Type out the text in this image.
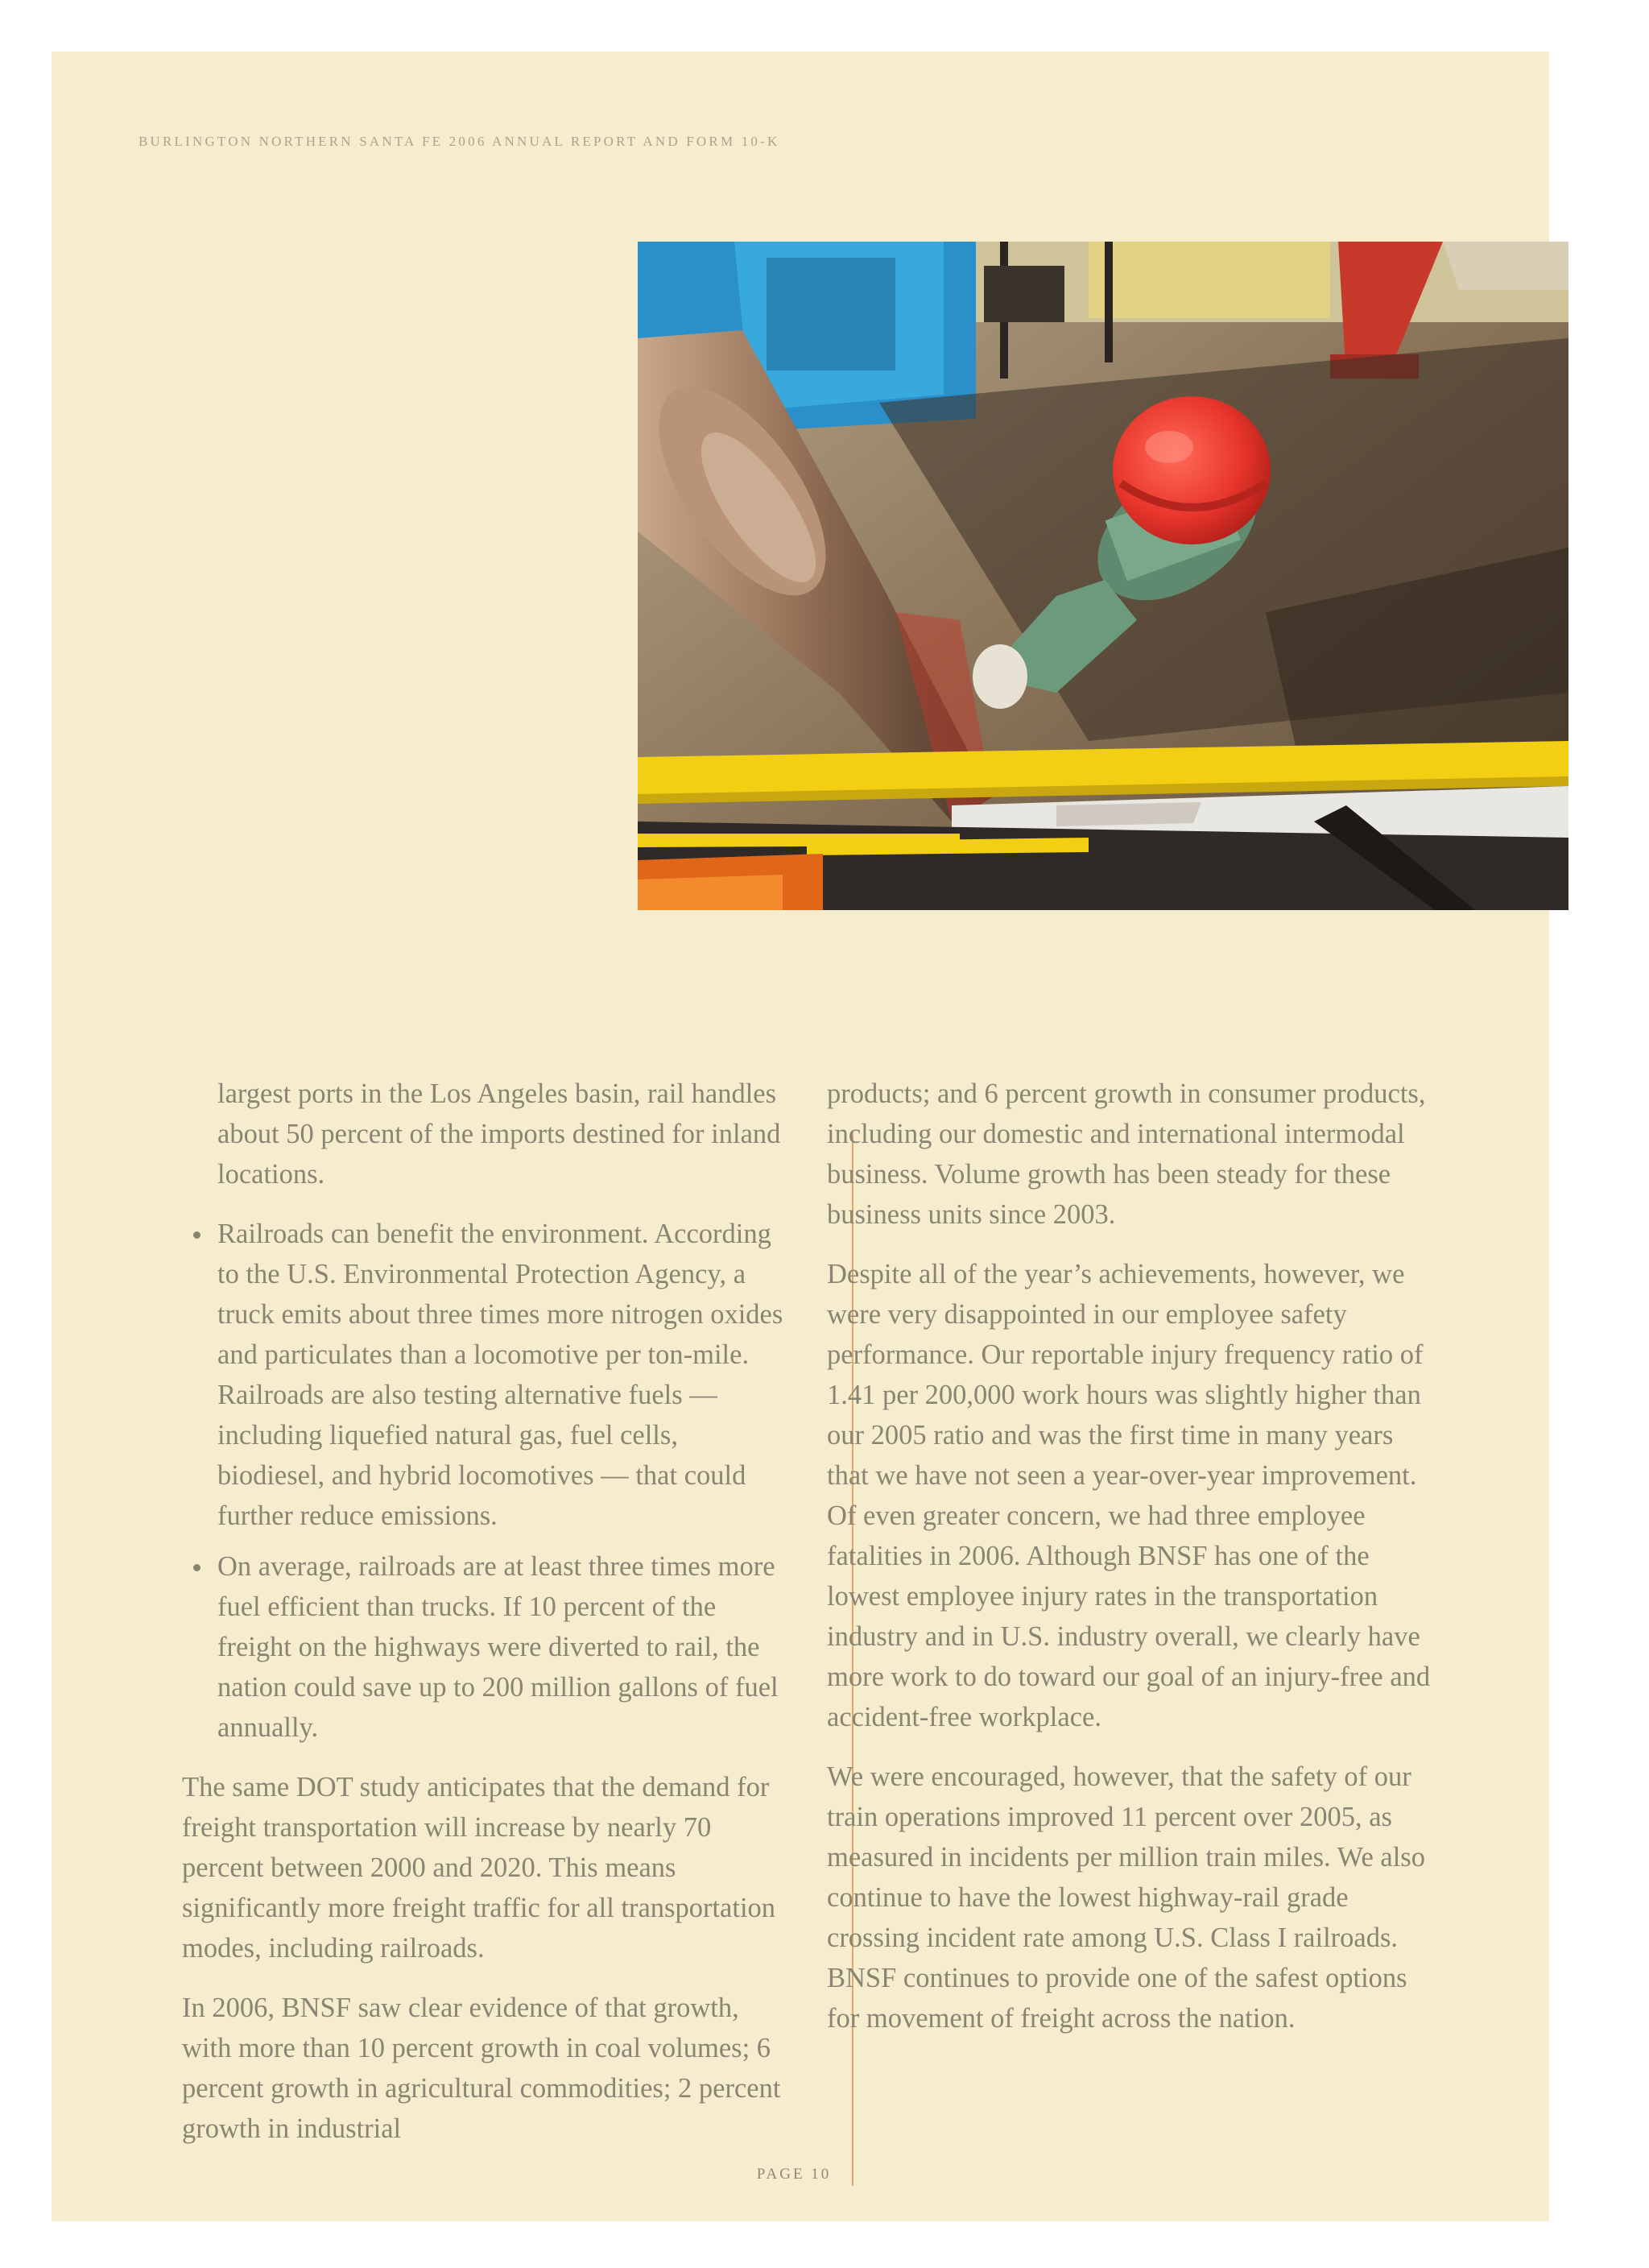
BURLINGTON NORTHERN SANTA FE 2006 ANNUAL REPORT AND FORM 10-K

largest ports in the Los Angeles basin, rail handles about 50 percent of the imports destined for inland locations.

Railroads can benefit the environment. According to the U.S. Environmental Protection Agency, a truck emits about three times more nitrogen oxides and particulates than a locomotive per ton-mile. Railroads are also testing alternative fuels — including liquefied natural gas, fuel cells, biodiesel, and hybrid locomotives — that could further reduce emissions.
On average, railroads are at least three times more fuel efficient than trucks. If 10 percent of the freight on the highways were diverted to rail, the nation could save up to 200 million gallons of fuel annually.

The same DOT study anticipates that the demand for freight transportation will increase by nearly 70 percent between 2000 and 2020. This means significantly more freight traffic for all transportation modes, including railroads.

In 2006, BNSF saw clear evidence of that growth, with more than 10 percent growth in coal volumes; 6 percent growth in agricultural commodities; 2 percent growth in industrial

products; and 6 percent growth in consumer products, including our domestic and international intermodal business. Volume growth has been steady for these business units since 2003.

Despite all of the year’s achievements, however, we were very disappointed in our employee safety performance. Our reportable injury frequency ratio of 1.41 per 200,000 work hours was slightly higher than our 2005 ratio and was the first time in many years that we have not seen a year-over-year improvement. Of even greater concern, we had three employee fatalities in 2006. Although BNSF has one of the lowest employee injury rates in the transportation industry and in U.S. industry overall, we clearly have more work to do toward our goal of an injury-free and accident-free workplace.

We were encouraged, however, that the safety of our train operations improved 11 percent over 2005, as measured in incidents per million train miles. We also continue to have the lowest highway-rail grade crossing incident rate among U.S. Class I railroads. BNSF continues to provide one of the safest options for movement of freight across the nation.

PAGE 10
